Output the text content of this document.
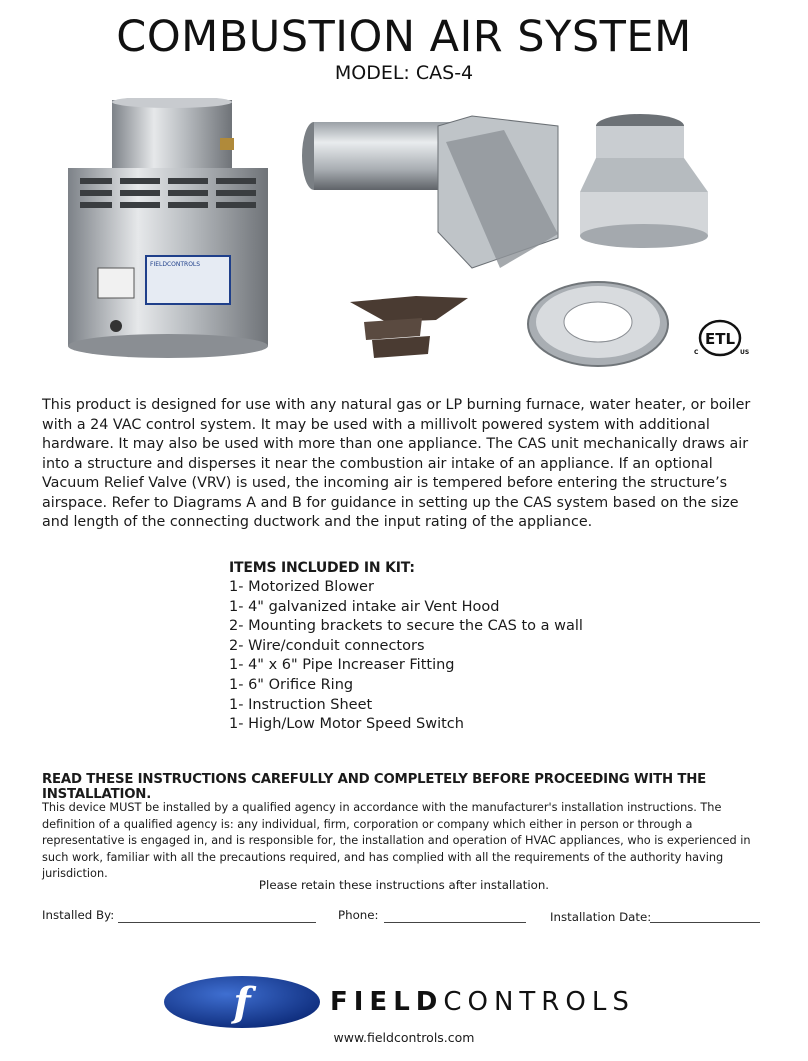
COMBUSTION AIR SYSTEM
MODEL: CAS-4
FIELDCONTROLS
ETL
C	US
This product is designed for use with any natural gas or LP burning furnace, water heater, or boiler with a 24 VAC control system. It may be used with a millivolt powered system with additional hardware. It may also be used with more than one appliance. The CAS unit mechanically draws air into a structure and disperses it near the combustion air intake of an appliance. If an optional Vacuum Relief Valve (VRV) is used, the incoming air is tempered before entering the structure’s airspace. Refer to Diagrams A and B for guidance in setting up the CAS system based on the size and length of the connecting ductwork and the input rating of the appliance.
ITEMS INCLUDED IN KIT:
1- Motorized Blower
1- 4" galvanized intake air Vent Hood
2- Mounting brackets to secure the CAS to a wall
2- Wire/conduit connectors
1- 4" x 6" Pipe Increaser Fitting
1- 6" Orifice Ring
1- Instruction Sheet
1- High/Low Motor Speed Switch
READ THESE INSTRUCTIONS CAREFULLY AND COMPLETELY BEFORE PROCEEDING WITH THE INSTALLATION.
This device MUST be installed by a qualified agency in accordance with the manufacturer's installation instructions. The definition of a qualified agency is: any individual, firm, corporation or company which either in person or through a representative is engaged in, and is responsible for, the installation and operation of HVAC appliances, who is experienced in such work, familiar with all the precautions required, and has complied with all the requirements of the authority having jurisdiction.
Please retain these instructions after installation.
Installed By:	Phone:	Installation Date:
f	FIELDCONTROLS
www.fieldcontrols.com
